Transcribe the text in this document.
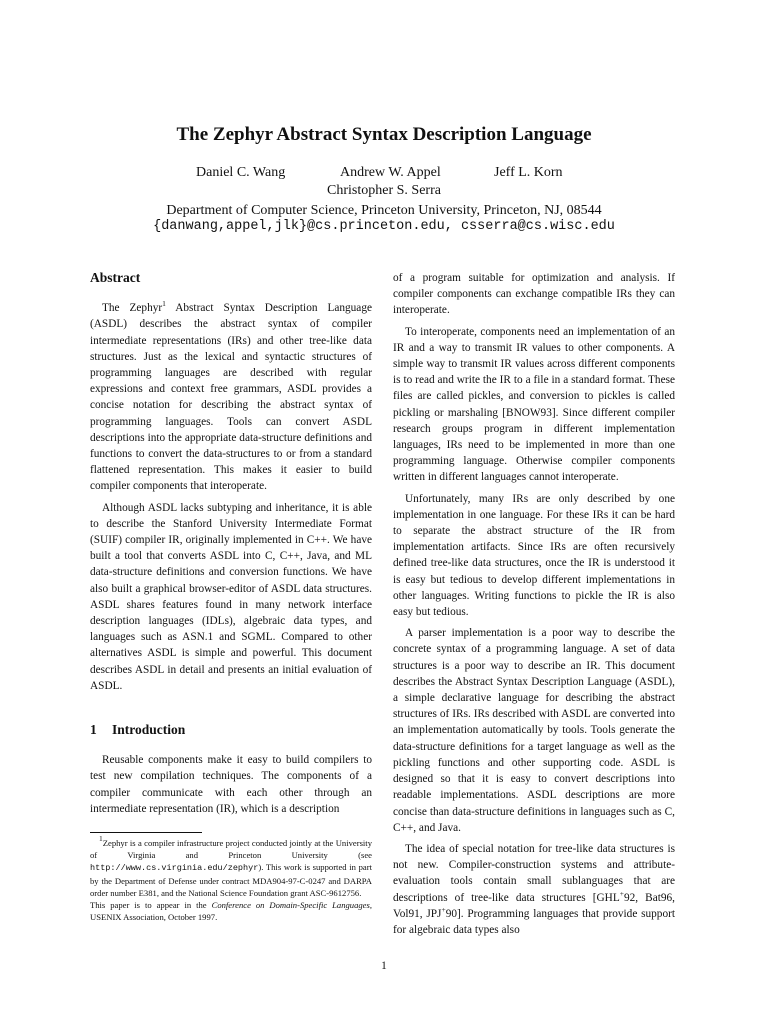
The Zephyr Abstract Syntax Description Language
Daniel C. Wang	Andrew W. Appel	Jeff L. Korn
Christopher S. Serra
Department of Computer Science, Princeton University, Princeton, NJ, 08544
{danwang,appel,jlk}@cs.princeton.edu, csserra@cs.wisc.edu
Abstract

The Zephyr$^1$ Abstract Syntax Description Language (ASDL) describes the abstract syntax of compiler intermediate representations (IRs) and other tree-like data structures. Just as the lexical and syntactic structures of programming languages are described with regular expressions and context free grammars, ASDL provides a concise notation for describing the abstract syntax of programming languages. Tools can convert ASDL descriptions into the appropriate data-structure definitions and functions to convert the data-structures to or from a standard flattened representation. This makes it easier to build compiler components that interoperate.

Although ASDL lacks subtyping and inheritance, it is able to describe the Stanford University Intermediate Format (SUIF) compiler IR, originally implemented in C++. We have built a tool that converts ASDL into C, C++, Java, and ML data-structure definitions and conversion functions. We have also built a graphical browser-editor of ASDL data structures. ASDL shares features found in many network interface description languages (IDLs), algebraic data types, and languages such as ASN.1 and SGML. Compared to other alternatives ASDL is simple and powerful. This document describes ASDL in detail and presents an initial evaluation of ASDL.

1 Introduction

Reusable components make it easy to build compilers to test new compilation techniques. The components of a compiler communicate with each other through an intermediate representation (IR), which is a description

$^1$Zephyr is a compiler infrastructure project conducted jointly at the University of Virginia and Princeton University (see http://www.cs.virginia.edu/zephyr). This work is supported in part by the Department of Defense under contract MDA904-97-C-0247 and DARPA order number E381, and the National Science Foundation grant ASC-9612756.

This paper is to appear in the Conference on Domain-Specific Languages, USENIX Association, October 1997.

of a program suitable for optimization and analysis. If compiler components can exchange compatible IRs they can interoperate.

To interoperate, components need an implementation of an IR and a way to transmit IR values to other components. A simple way to transmit IR values across different components is to read and write the IR to a file in a standard format. These files are called pickles, and conversion to pickles is called pickling or marshaling [BNOW93]. Since different compiler research groups program in different implementation languages, IRs need to be implemented in more than one programming language. Otherwise compiler components written in different languages cannot interoperate.

Unfortunately, many IRs are only described by one implementation in one language. For these IRs it can be hard to separate the abstract structure of the IR from implementation artifacts. Since IRs are often recursively defined tree-like data structures, once the IR is understood it is easy but tedious to develop different implementations in other languages. Writing functions to pickle the IR is also easy but tedious.

A parser implementation is a poor way to describe the concrete syntax of a programming language. A set of data structures is a poor way to describe an IR. This document describes the Abstract Syntax Description Language (ASDL), a simple declarative language for describing the abstract structures of IRs. IRs described with ASDL are converted into an implementation automatically by tools. Tools generate the data-structure definitions for a target language as well as the pickling functions and other supporting code. ASDL is designed so that it is easy to convert descriptions into readable implementations. ASDL descriptions are more concise than data-structure definitions in languages such as C, C++, and Java.

The idea of special notation for tree-like data structures is not new. Compiler-construction systems and attribute-evaluation tools contain small sublanguages that are descriptions of tree-like data structures [GHL+92, Bat96, Vol91, JPJ+90]. Programming languages that provide support for algebraic data types also

1
